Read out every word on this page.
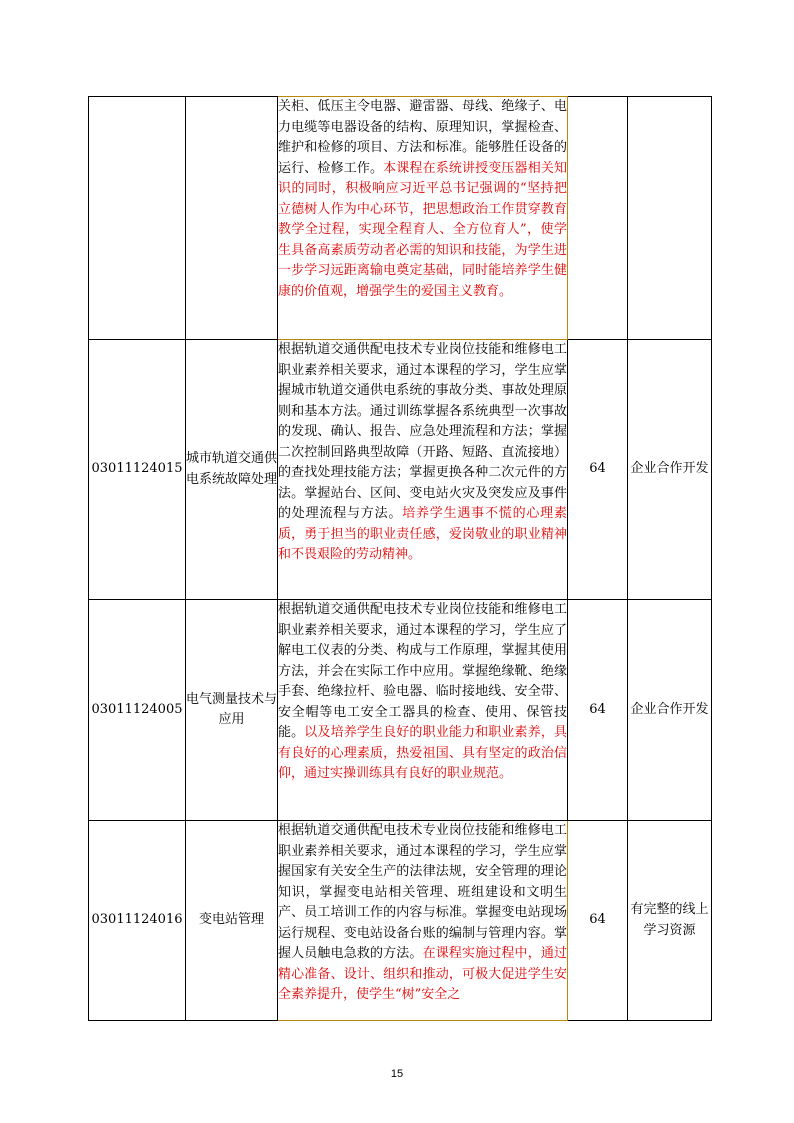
		关柜、低压主令电器、避雷器、母线、绝缘子、电力电缆等电器设备的结构、原理知识，掌握检查、维护和检修的项目、方法和标准。能够胜任设备的运行、检修工作。本课程在系统讲授变压器相关知识的同时，积极响应习近平总书记强调的“坚持把立德树人作为中心环节，把思想政治工作贯穿教育教学全过程，实现全程育人、全方位育人”，使学生具备高素质劳动者必需的知识和技能，为学生进一步学习远距离输电奠定基础，同时能培养学生健康的价值观，增强学生的爱国主义教育。		
03011124015	城市轨道交通供电系统故障处理	根据轨道交通供配电技术专业岗位技能和维修电工职业素养相关要求，通过本课程的学习，学生应掌握城市轨道交通供电系统的事故分类、事故处理原则和基本方法。通过训练掌握各系统典型一次事故的发现、确认、报告、应急处理流程和方法；掌握二次控制回路典型故障（开路、短路、直流接地）的查找处理技能方法；掌握更换各种二次元件的方法。掌握站台、区间、变电站火灾及突发应及事件的处理流程与方法。培养学生遇事不慌的心理素质，勇于担当的职业责任感，爱岗敬业的职业精神和不畏艰险的劳动精神。	64	企业合作开发
03011124005	电气测量技术与应用	根据轨道交通供配电技术专业岗位技能和维修电工职业素养相关要求，通过本课程的学习，学生应了解电工仪表的分类、构成与工作原理，掌握其使用方法，并会在实际工作中应用。掌握绝缘靴、绝缘手套、绝缘拉杆、验电器、临时接地线、安全带、安全帽等电工安全工器具的检查、使用、保管技能。以及培养学生良好的职业能力和职业素养，具有良好的心理素质，热爱祖国、具有坚定的政治信仰，通过实操训练具有良好的职业规范。	64	企业合作开发
03011124016	变电站管理	根据轨道交通供配电技术专业岗位技能和维修电工职业素养相关要求，通过本课程的学习，学生应掌握国家有关安全生产的法律法规，安全管理的理论知识，掌握变电站相关管理、班组建设和文明生产、员工培训工作的内容与标准。掌握变电站现场运行规程、变电站设备台账的编制与管理内容。掌握人员触电急救的方法。在课程实施过程中，通过精心准备、设计、组织和推动，可极大促进学生安全素养提升，使学生“树”安全之	64	有完整的线上学习资源
15
